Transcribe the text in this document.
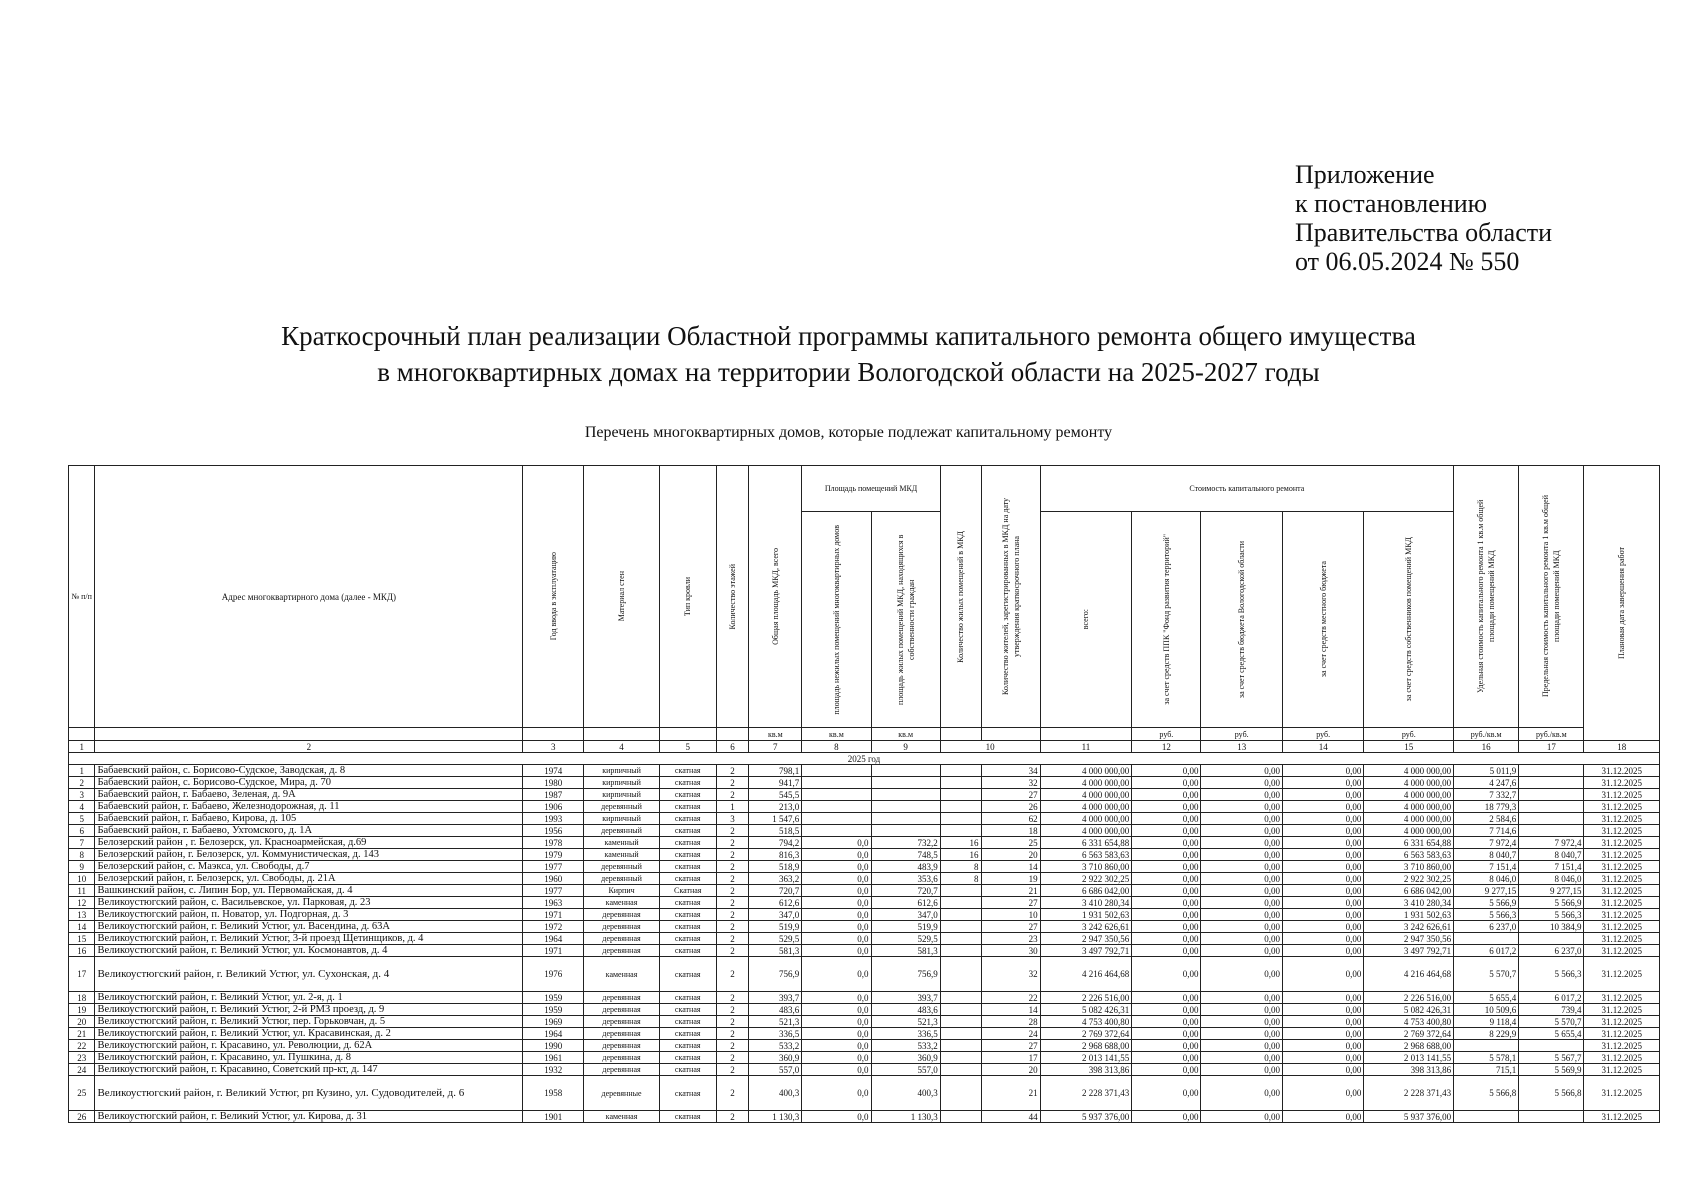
Приложение
к постановлению
Правительства области
от 06.05.2024 № 550
Краткосрочный план реализации Областной программы капитального ремонта общего имущества
в многоквартирных домах на территории Вологодской области на 2025-2027 годы
Перечень многоквартирных домов, которые подлежат капитальному ремонту
№ п/п	Адрес многоквартирного дома (далее - МКД)	Год ввода в эксплуатацию	Материал стен	Тип кровли	Количество этажей	Общая площадь МКД, всего	Площадь помещений МКД		Количество жилых помещений в МКД	Количество жителей, зарегистрированных в МКД на дату утверждения краткосрочного плана	Стоимость капитального ремонта					Удельная стоимость капитального ремонта 1 кв.м общей площади помещений МКД	Предельная стоимость капитального ремонта 1 кв.м общей площади помещений МКД	Плановая дата завершения работ

							площадь нежилых помещений многоквартирных домов	площадь жилых помещений МКД, находящихся в собственности граждан			всего:	за счет средств ППК "Фонд развития территорий"	за счет средств бюджета Вологодской области	за счет средств местного бюджета	за счет средств собственников помещений МКД			

						кв.м	кв.м	кв.м				руб.	руб.	руб.	руб.	руб./кв.м	руб./кв.м	
1	2	3	4	5	6	7	8	9	10		11	12	13	14	15	16	17	18
2025 год																		
1	Бабаевский район, с. Борисово-Судское, Заводская, д. 8	1974	кирпичный	скатная	2	798,1				34	4 000 000,00	0,00	0,00	0,00	4 000 000,00	5 011,9		31.12.2025
2	Бабаевский район, с. Борисово-Судское, Мира, д. 70	1980	кирпичный	скатная	2	941,7				32	4 000 000,00	0,00	0,00	0,00	4 000 000,00	4 247,6		31.12.2025
3	Бабаевский район, г. Бабаево, Зеленая, д. 9А	1987	кирпичный	скатная	2	545,5				27	4 000 000,00	0,00	0,00	0,00	4 000 000,00	7 332,7		31.12.2025
4	Бабаевский район, г. Бабаево, Железнодорожная, д. 11	1906	деревянный	скатная	1	213,0				26	4 000 000,00	0,00	0,00	0,00	4 000 000,00	18 779,3		31.12.2025
5	Бабаевский район, г. Бабаево, Кирова, д. 105	1993	кирпичный	скатная	3	1 547,6				62	4 000 000,00	0,00	0,00	0,00	4 000 000,00	2 584,6		31.12.2025
6	Бабаевский район, г. Бабаево, Ухтомского, д. 1А	1956	деревянный	скатная	2	518,5				18	4 000 000,00	0,00	0,00	0,00	4 000 000,00	7 714,6		31.12.2025
7	Белозерский район , г. Белозерск, ул. Красноармейская, д.69	1978	каменный	скатная	2	794,2	0,0	732,2	16	25	6 331 654,88	0,00	0,00	0,00	6 331 654,88	7 972,4	7 972,4	31.12.2025
8	Белозерский район, г. Белозерск, ул. Коммунистическая, д. 143	1979	каменный	скатная	2	816,3	0,0	748,5	16	20	6 563 583,63	0,00	0,00	0,00	6 563 583,63	8 040,7	8 040,7	31.12.2025
9	Белозерский район, с. Маэкса, ул. Свободы, д.7	1977	деревянный	скатная	2	518,9	0,0	483,9	8	14	3 710 860,00	0,00	0,00	0,00	3 710 860,00	7 151,4	7 151,4	31.12.2025
10	Белозерский район, г. Белозерск, ул. Свободы, д. 21А	1960	деревянный	скатная	2	363,2	0,0	353,6	8	19	2 922 302,25	0,00	0,00	0,00	2 922 302,25	8 046,0	8 046,0	31.12.2025
11	Вашкинский район, с. Липин Бор, ул. Первомайская, д. 4	1977	Кирпич	Скатная	2	720,7	0,0	720,7		21	6 686 042,00	0,00	0,00	0,00	6 686 042,00	9 277,15	9 277,15	31.12.2025
12	Великоустюгский район, с. Васильевское, ул. Парковая, д. 23	1963	каменная	скатная	2	612,6	0,0	612,6		27	3 410 280,34	0,00	0,00	0,00	3 410 280,34	5 566,9	5 566,9	31.12.2025
13	Великоустюгский район, п. Новатор, ул. Подгорная, д. 3	1971	деревянная	скатная	2	347,0	0,0	347,0		10	1 931 502,63	0,00	0,00	0,00	1 931 502,63	5 566,3	5 566,3	31.12.2025
14	Великоустюгский район, г. Великий Устюг, ул. Васендина, д. 63А	1972	деревянная	скатная	2	519,9	0,0	519,9		27	3 242 626,61	0,00	0,00	0,00	3 242 626,61	6 237,0	10 384,9	31.12.2025
15	Великоустюгский район, г. Великий Устюг, 3-й проезд Щетинщиков, д. 4	1964	деревянная	скатная	2	529,5	0,0	529,5		23	2 947 350,56	0,00	0,00	0,00	2 947 350,56			31.12.2025
16	Великоустюгский район, г. Великий Устюг, ул. Космонавтов, д. 4	1971	деревянная	скатная	2	581,3	0,0	581,3		30	3 497 792,71	0,00	0,00	0,00	3 497 792,71	6 017,2	6 237,0	31.12.2025
17	Великоустюгский район, г. Великий Устюг, ул. Сухонская, д. 4	1976	каменная	скатная	2	756,9	0,0	756,9		32	4 216 464,68	0,00	0,00	0,00	4 216 464,68	5 570,7	5 566,3	31.12.2025
18	Великоустюгский район, г. Великий Устюг, ул. 2-я, д. 1	1959	деревянная	скатная	2	393,7	0,0	393,7		22	2 226 516,00	0,00	0,00	0,00	2 226 516,00	5 655,4	6 017,2	31.12.2025
19	Великоустюгский район, г. Великий Устюг, 2-й РМЗ проезд, д. 9	1959	деревянная	скатная	2	483,6	0,0	483,6		14	5 082 426,31	0,00	0,00	0,00	5 082 426,31	10 509,6	739,4	31.12.2025
20	Великоустюгский район, г. Великий Устюг, пер. Горьковчан, д. 5	1969	деревянная	скатная	2	521,3	0,0	521,3		28	4 753 400,80	0,00	0,00	0,00	4 753 400,80	9 118,4	5 570,7	31.12.2025
21	Великоустюгский район, г. Великий Устюг, ул. Красавинская, д. 2	1964	деревянная	скатная	2	336,5	0,0	336,5		24	2 769 372,64	0,00	0,00	0,00	2 769 372,64	8 229,9	5 655,4	31.12.2025
22	Великоустюгский район, г. Красавино, ул. Революции, д. 62А	1990	деревянная	скатная	2	533,2	0,0	533,2		27	2 968 688,00	0,00	0,00	0,00	2 968 688,00			31.12.2025
23	Великоустюгский район, г. Красавино, ул. Пушкина, д. 8	1961	деревянная	скатная	2	360,9	0,0	360,9		17	2 013 141,55	0,00	0,00	0,00	2 013 141,55	5 578,1	5 567,7	31.12.2025
24	Великоустюгский район, г. Красавино, Советский пр-кт, д. 147	1932	деревянная	скатная	2	557,0	0,0	557,0		20	398 313,86	0,00	0,00	0,00	398 313,86	715,1	5 569,9	31.12.2025
25	Великоустюгский район, г. Великий Устюг, рп Кузино, ул. Судоводителей, д. 6	1958	деревянные	скатная	2	400,3	0,0	400,3		21	2 228 371,43	0,00	0,00	0,00	2 228 371,43	5 566,8	5 566,8	31.12.2025
26	Великоустюгский район, г. Великий Устюг, ул. Кирова, д. 31	1901	каменная	скатная	2	1 130,3	0,0	1 130,3		44	5 937 376,00	0,00	0,00	0,00	5 937 376,00			31.12.2025
